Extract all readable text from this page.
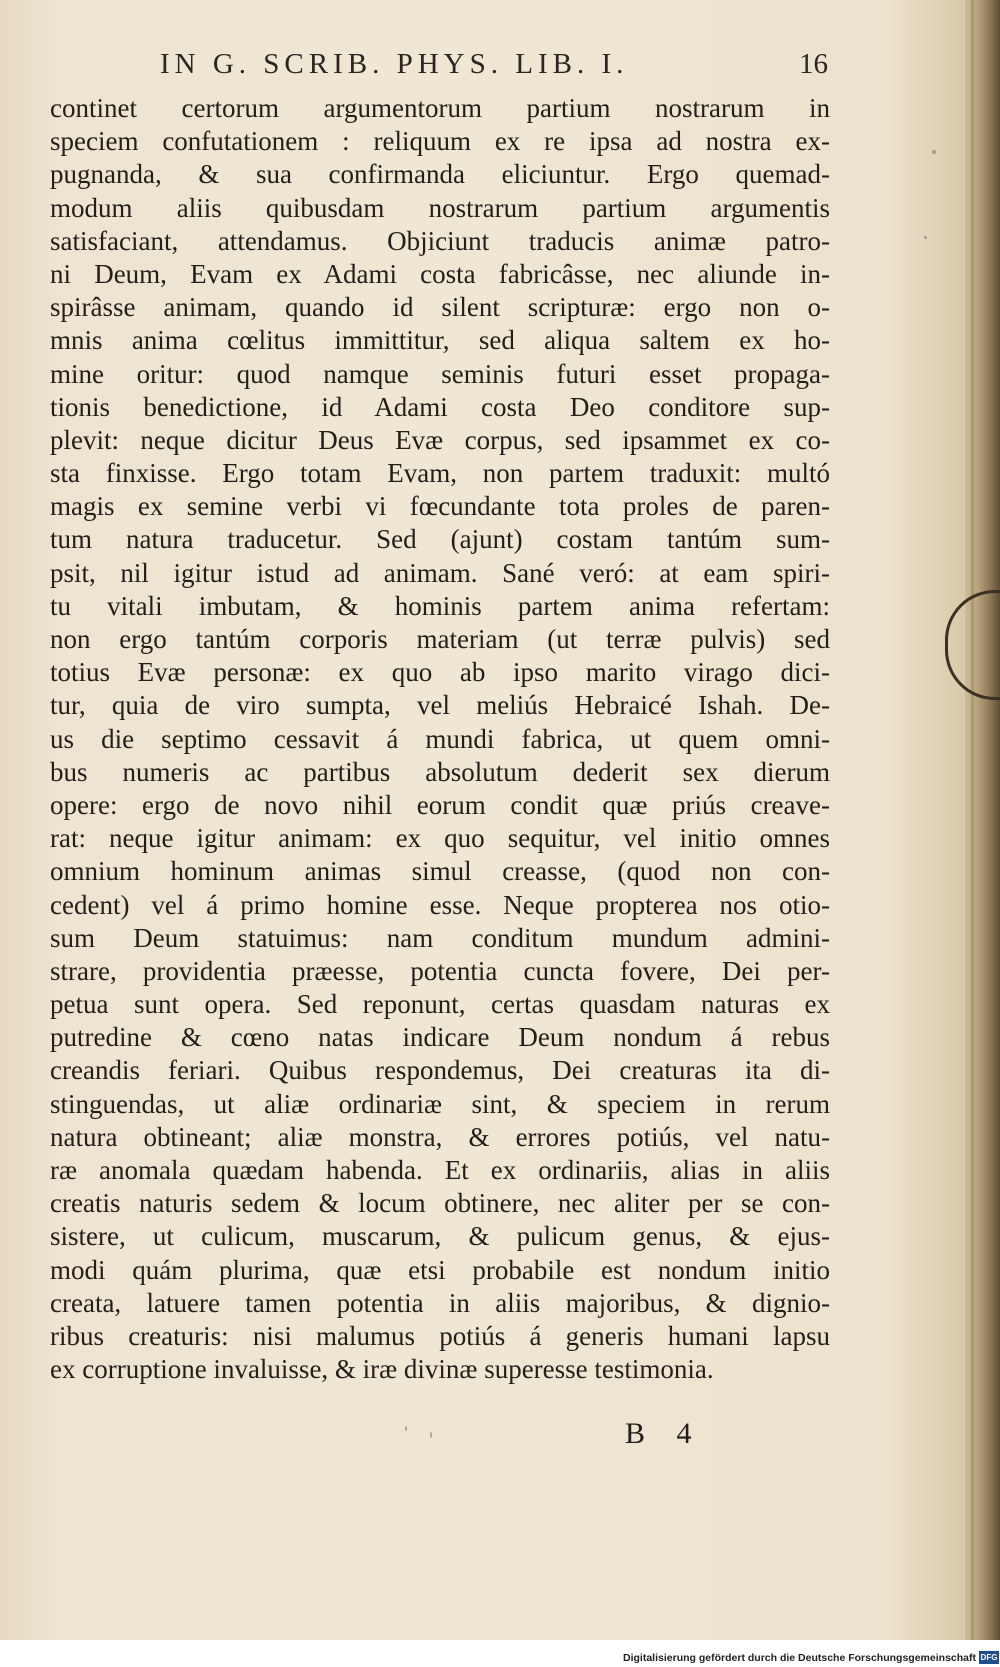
IN G. SCRIB. PHYS. LIB. I.	16
continet certorum argumentorum partium nostrarum in
speciem confutationem : reliquum ex re ipsa ad nostra ex-
pugnanda, & sua confirmanda eliciuntur. Ergo quemad-
modum aliis quibusdam nostrarum partium argumentis
satisfaciant, attendamus. Objiciunt traducis animæ patro-
ni Deum, Evam ex Adami costa fabricâsse, nec aliunde in-
spirâsse animam, quando id silent scripturæ: ergo non o-
mnis anima cœlitus immittitur, sed aliqua saltem ex ho-
mine oritur: quod namque seminis futuri esset propaga-
tionis benedictione, id Adami costa Deo conditore sup-
plevit: neque dicitur Deus Evæ corpus, sed ipsammet ex co-
sta finxisse. Ergo totam Evam, non partem traduxit: multó
magis ex semine verbi vi fœcundante tota proles de paren-
tum natura traducetur. Sed (ajunt) costam tantúm sum-
psit, nil igitur istud ad animam. Sané veró: at eam spiri-
tu vitali imbutam, & hominis partem anima refertam:
non ergo tantúm corporis materiam (ut terræ pulvis) sed
totius Evæ personæ: ex quo ab ipso marito virago dici-
tur, quia de viro sumpta, vel meliús Hebraicé Ishah. De-
us die septimo cessavit á mundi fabrica, ut quem omni-
bus numeris ac partibus absolutum dederit sex dierum
opere: ergo de novo nihil eorum condit quæ priús creave-
rat: neque igitur animam: ex quo sequitur, vel initio omnes
omnium hominum animas simul creasse, (quod non con-
cedent) vel á primo homine esse. Neque propterea nos otio-
sum Deum statuimus: nam conditum mundum admini-
strare, providentia præesse, potentia cuncta fovere, Dei per-
petua sunt opera. Sed reponunt, certas quasdam naturas ex
putredine & cœno natas indicare Deum nondum á rebus
creandis feriari. Quibus respondemus, Dei creaturas ita di-
stinguendas, ut aliæ ordinariæ sint, & speciem in rerum
natura obtineant; aliæ monstra, & errores potiús, vel natu-
ræ anomala quædam habenda. Et ex ordinariis, alias in aliis
creatis naturis sedem & locum obtinere, nec aliter per se con-
sistere, ut culicum, muscarum, & pulicum genus, & ejus-
modi quám plurima, quæ etsi probabile est nondum initio
creata, latuere tamen potentia in aliis majoribus, & dignio-
ribus creaturis: nisi malumus potiús á generis humani lapsu
ex corruptione invaluisse, & iræ divinæ superesse testimonia.
B 4
Digitalisierung gefördert durch die Deutsche Forschungsgemeinschaft DFG
